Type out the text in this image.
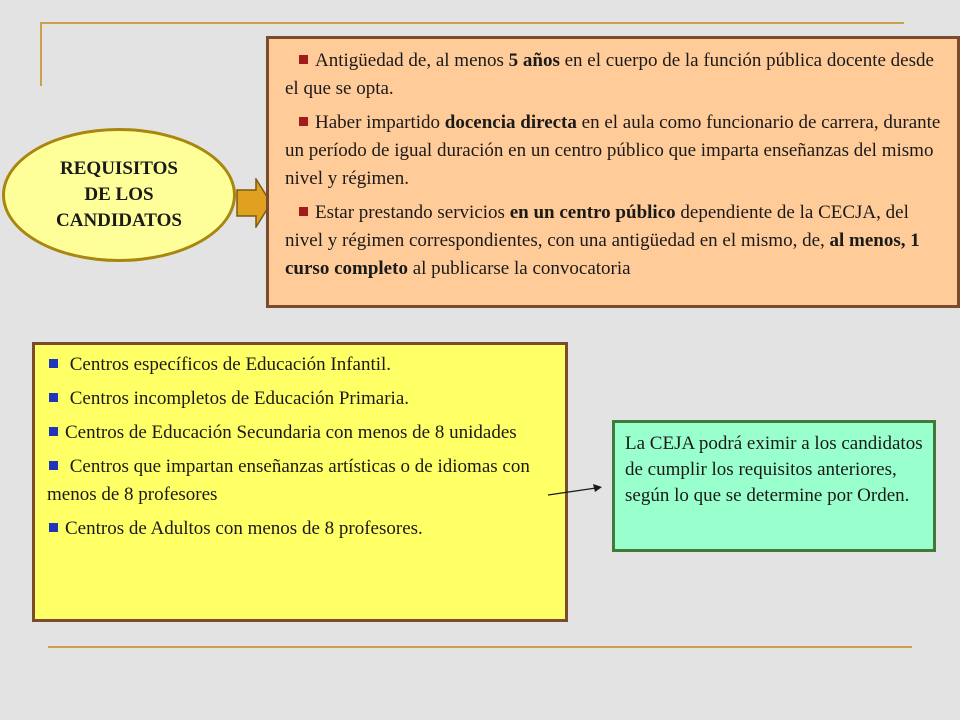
REQUISITOS
DE LOS
CANDIDATOS

Antigüedad de, al menos 5 años en el cuerpo de la función pública docente desde el que se opta.

Haber impartido docencia directa en el aula como funcionario de carrera, durante un período de igual duración en un centro público que imparta enseñanzas del mismo nivel y régimen.

Estar prestando servicios en un centro público dependiente de la CECJA, del nivel y régimen correspondientes, con una antigüedad en el mismo, de, al menos, 1 curso completo al publicarse la convocatoria

Centros específicos de Educación Infantil.

Centros incompletos de Educación Primaria.

Centros de Educación Secundaria con menos de 8 unidades

Centros que impartan enseñanzas artísticas o de idiomas con menos de 8 profesores

Centros de Adultos con menos de 8 profesores.

La CEJA podrá eximir a los candidatos de cumplir los requisitos anteriores, según lo que se determine por Orden.
